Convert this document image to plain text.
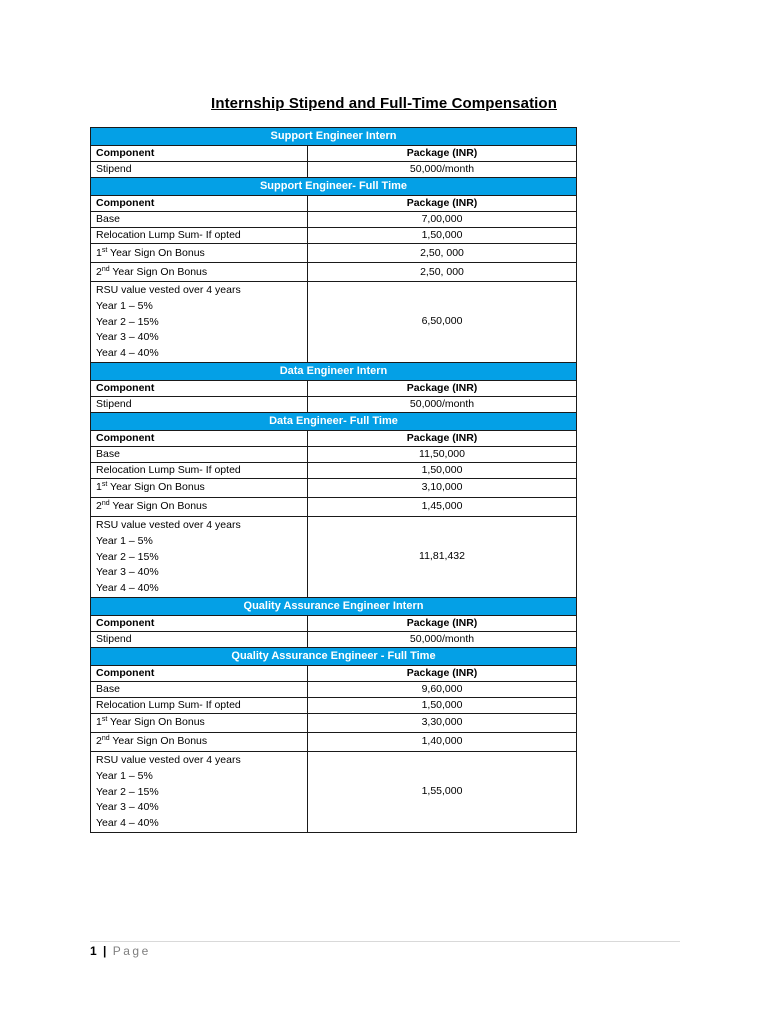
Internship Stipend and Full-Time Compensation
Support Engineer Intern	
Component	Package (INR)
Stipend	50,000/month
Support Engineer- Full Time	
Component	Package (INR)
Base	7,00,000
Relocation Lump Sum- If opted	1,50,000
1st Year Sign On Bonus	2,50, 000
2nd Year Sign On Bonus	2,50, 000

RSU value vested over 4 years
Year 1 – 5%
Year 2 – 15%
Year 3 – 40%
Year 4 – 40%	6,50,000
Data Engineer Intern	
Component	Package (INR)
Stipend	50,000/month
Data Engineer- Full Time	
Component	Package (INR)
Base	11,50,000
Relocation Lump Sum- If opted	1,50,000
1st Year Sign On Bonus	3,10,000
2nd Year Sign On Bonus	1,45,000

RSU value vested over 4 years
Year 1 – 5%
Year 2 – 15%
Year 3 – 40%
Year 4 – 40%	11,81,432
Quality Assurance Engineer Intern	
Component	Package (INR)
Stipend	50,000/month
Quality Assurance Engineer - Full Time	
Component	Package (INR)
Base	9,60,000
Relocation Lump Sum- If opted	1,50,000
1st Year Sign On Bonus	3,30,000
2nd Year Sign On Bonus	1,40,000

RSU value vested over 4 years
Year 1 – 5%
Year 2 – 15%
Year 3 – 40%
Year 4 – 40%	1,55,000
1 | Page
